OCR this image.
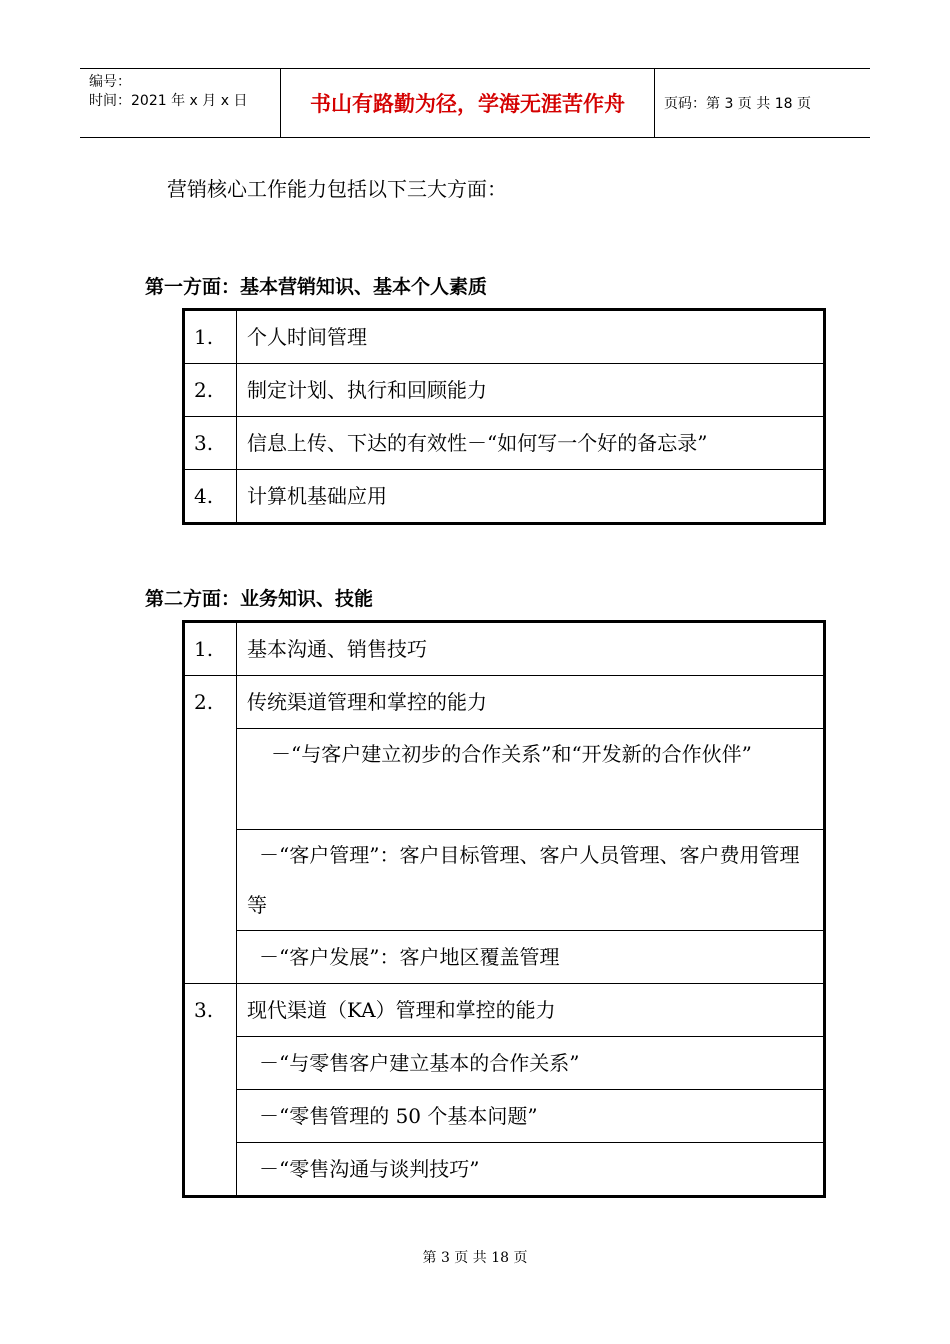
编号：
时间：2021 年 x 月 x 日	书山有路勤为径，学海无涯苦作舟	页码：第 3 页 共 18 页
营销核心工作能力包括以下三大方面：
第一方面：基本营销知识、基本个人素质
1.	个人时间管理
2.	制定计划、执行和回顾能力
3.	信息上传、下达的有效性－“如何写一个好的备忘录”
4.	计算机基础应用
第二方面：业务知识、技能
1.	基本沟通、销售技巧
2.	传统渠道管理和掌控的能力
	－“与客户建立初步的合作关系”和“开发新的合作伙伴”
	－“客户管理”：客户目标管理、客户人员管理、客户费用管理等
	－“客户发展”：客户地区覆盖管理
3.	现代渠道（KA）管理和掌控的能力
	－“与零售客户建立基本的合作关系”
	－“零售管理的 50 个基本问题”
	－“零售沟通与谈判技巧”
第 3 页 共 18 页
